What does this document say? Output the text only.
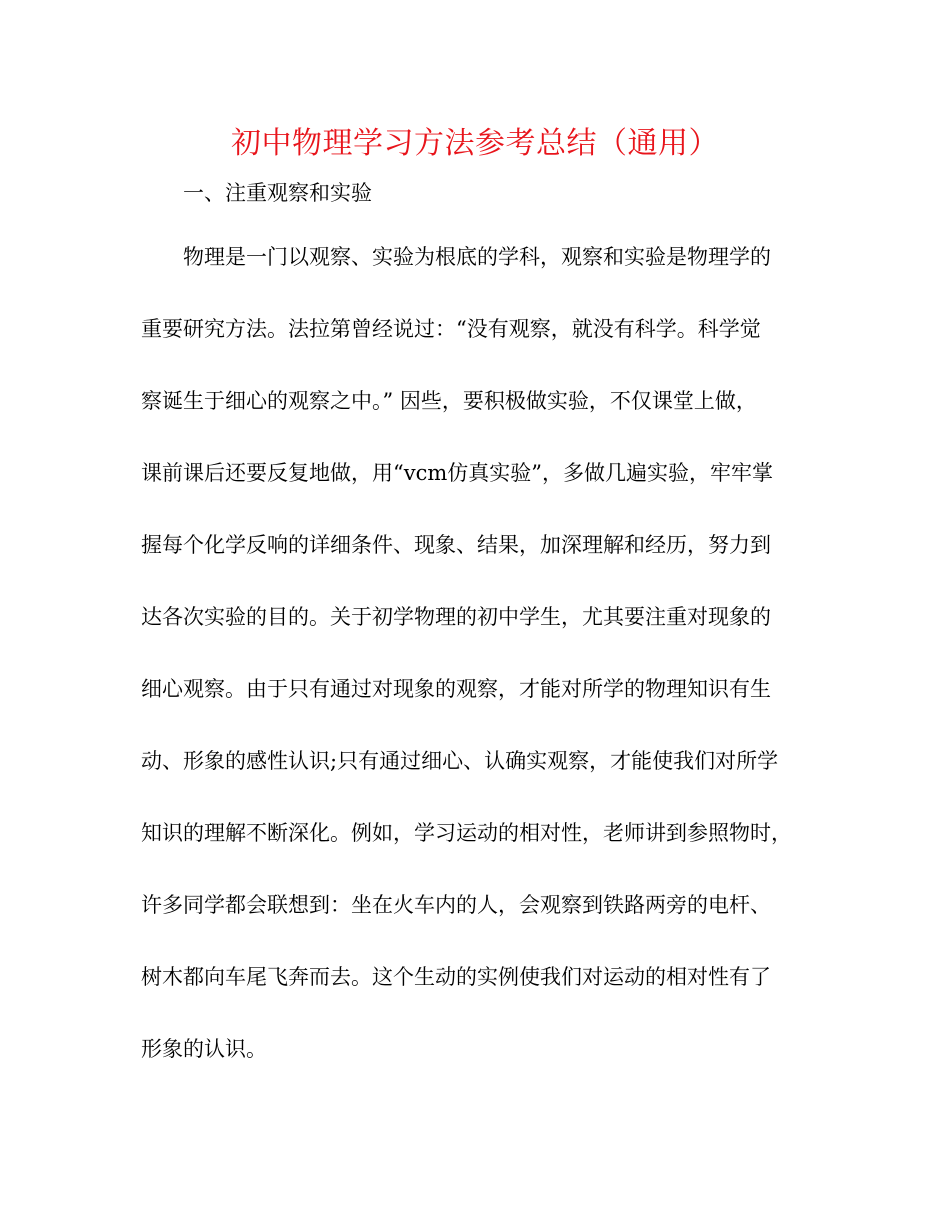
初中物理学习方法参考总结（通用）
一、注重观察和实验
物理是一门以观察、实验为根底的学科，观察和实验是物理学的
重要研究方法。法拉第曾经说过：“没有观察，就没有科学。科学觉
察诞生于细心的观察之中。” 因些，要积极做实验，不仅课堂上做，
课前课后还要反复地做，用“vcm仿真实验”，多做几遍实验，牢牢掌
握每个化学反响的详细条件、现象、结果，加深理解和经历，努力到
达各次实验的目的。关于初学物理的初中学生，尤其要注重对现象的
细心观察。由于只有通过对现象的观察，才能对所学的物理知识有生
动、形象的感性认识;只有通过细心、认确实观察，才能使我们对所学
知识的理解不断深化。例如，学习运动的相对性，老师讲到参照物时，
许多同学都会联想到：坐在火车内的人，会观察到铁路两旁的电杆、
树木都向车尾飞奔而去。这个生动的实例使我们对运动的相对性有了
形象的认识。
